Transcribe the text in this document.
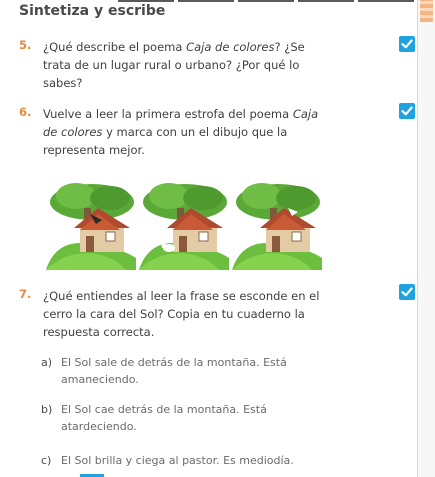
Sintetiza y escribe
5. ¿Qué describe el poema Caja de colores? ¿Se trata de un lugar rural o urbano? ¿Por qué lo sabes?
6. Vuelve a leer la primera estrofa del poema Caja de colores y marca con un el dibujo que la representa mejor.
7. ¿Qué entiendes al leer la frase se esconde en el cerro la cara del Sol? Copia en tu cuaderno la respuesta correcta.
a) El Sol sale de detrás de la montaña. Está amaneciendo.
b) El Sol cae detrás de la montaña. Está atardeciendo.
c) El Sol brilla y ciega al pastor. Es mediodía.
